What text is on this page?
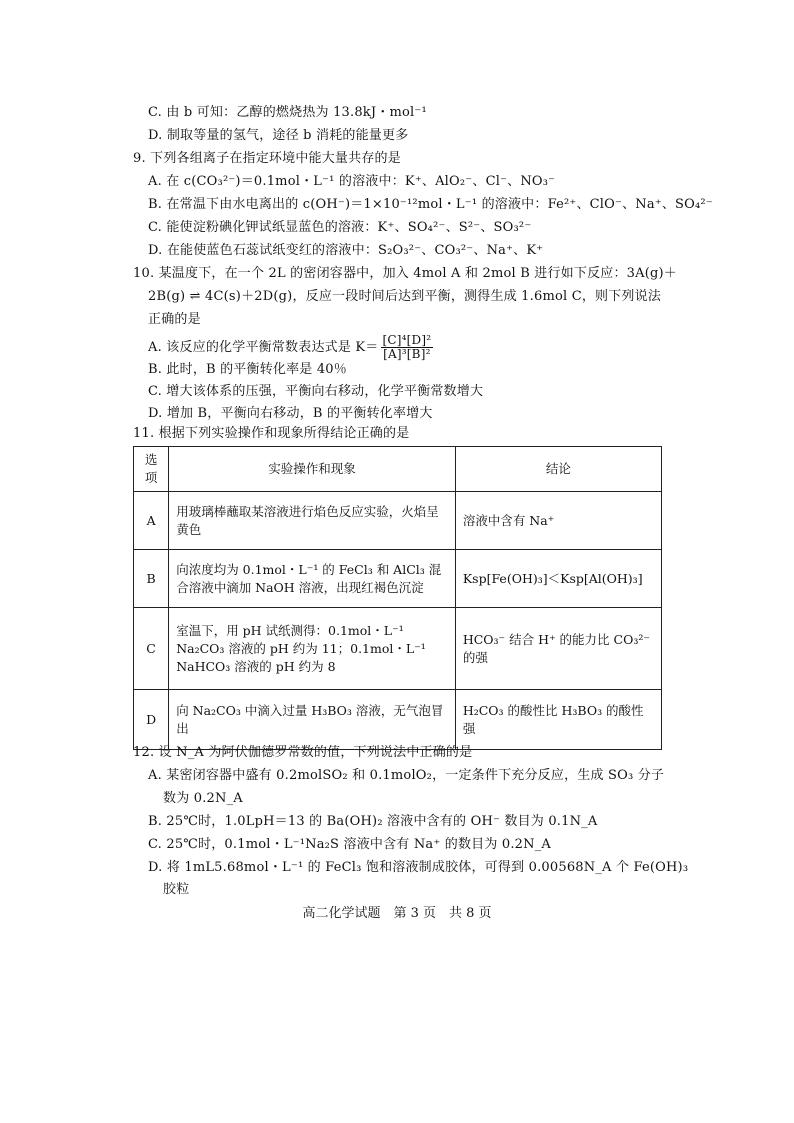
C. 由 b 可知：乙醇的燃烧热为 13.8kJ・mol⁻¹
D. 制取等量的氢气，途径 b 消耗的能量更多
9. 下列各组离子在指定环境中能大量共存的是
A. 在 c(CO₃²⁻)＝0.1mol・L⁻¹ 的溶液中：K⁺、AlO₂⁻、Cl⁻、NO₃⁻
B. 在常温下由水电离出的 c(OH⁻)＝1×10⁻¹²mol・L⁻¹ 的溶液中：Fe²⁺、ClO⁻、Na⁺、SO₄²⁻
C. 能使淀粉碘化钾试纸显蓝色的溶液：K⁺、SO₄²⁻、S²⁻、SO₃²⁻
D. 在能使蓝色石蕊试纸变红的溶液中：S₂O₃²⁻、CO₃²⁻、Na⁺、K⁺
10. 某温度下，在一个 2L 的密闭容器中，加入 4mol A 和 2mol B 进行如下反应：3A(g)＋
2B(g) ⇌ 4C(s)＋2D(g)，反应一段时间后达到平衡，测得生成 1.6mol C，则下列说法
正确的是
A. 该反应的化学平衡常数表达式是 $K= \frac{\text{[C]⁴[D]²}}{\text{[A]³[B]²}}$
B. 此时，B 的平衡转化率是 40％
C. 增大该体系的压强，平衡向右移动，化学平衡常数增大
D. 增加 B，平衡向右移动，B 的平衡转化率增大
11. 根据下列实验操作和现象所得结论正确的是
选项	实验操作和现象	结论
A	用玻璃棒蘸取某溶液进行焰色反应实验，火焰呈黄色	溶液中含有 Na⁺
B	向浓度均为 0.1mol・L⁻¹ 的 FeCl₃ 和 AlCl₃ 混合溶液中滴加 NaOH 溶液，出现红褐色沉淀	Ksp[Fe(OH)₃]＜Ksp[Al(OH)₃]
C	室温下，用 pH 试纸测得：0.1mol・L⁻¹ Na₂CO₃ 溶液的 pH 约为 11；0.1mol・L⁻¹ NaHCO₃ 溶液的 pH 约为 8	HCO₃⁻ 结合 H⁺ 的能力比 CO₃²⁻ 的强
D	向 Na₂CO₃ 中滴入过量 H₃BO₃ 溶液，无气泡冒出	H₂CO₃ 的酸性比 H₃BO₃ 的酸性强
12. 设 N_A 为阿伏伽德罗常数的值，下列说法中正确的是
A. 某密闭容器中盛有 0.2molSO₂ 和 0.1molO₂，一定条件下充分反应，生成 SO₃ 分子
数为 0.2N_A
B. 25℃时，1.0LpH＝13 的 Ba(OH)₂ 溶液中含有的 OH⁻ 数目为 0.1N_A
C. 25℃时，0.1mol・L⁻¹Na₂S 溶液中含有 Na⁺ 的数目为 0.2N_A
D. 将 1mL5.68mol・L⁻¹ 的 FeCl₃ 饱和溶液制成胶体，可得到 0.00568N_A 个 Fe(OH)₃
胶粒
高二化学试题　第 3 页　共 8 页
